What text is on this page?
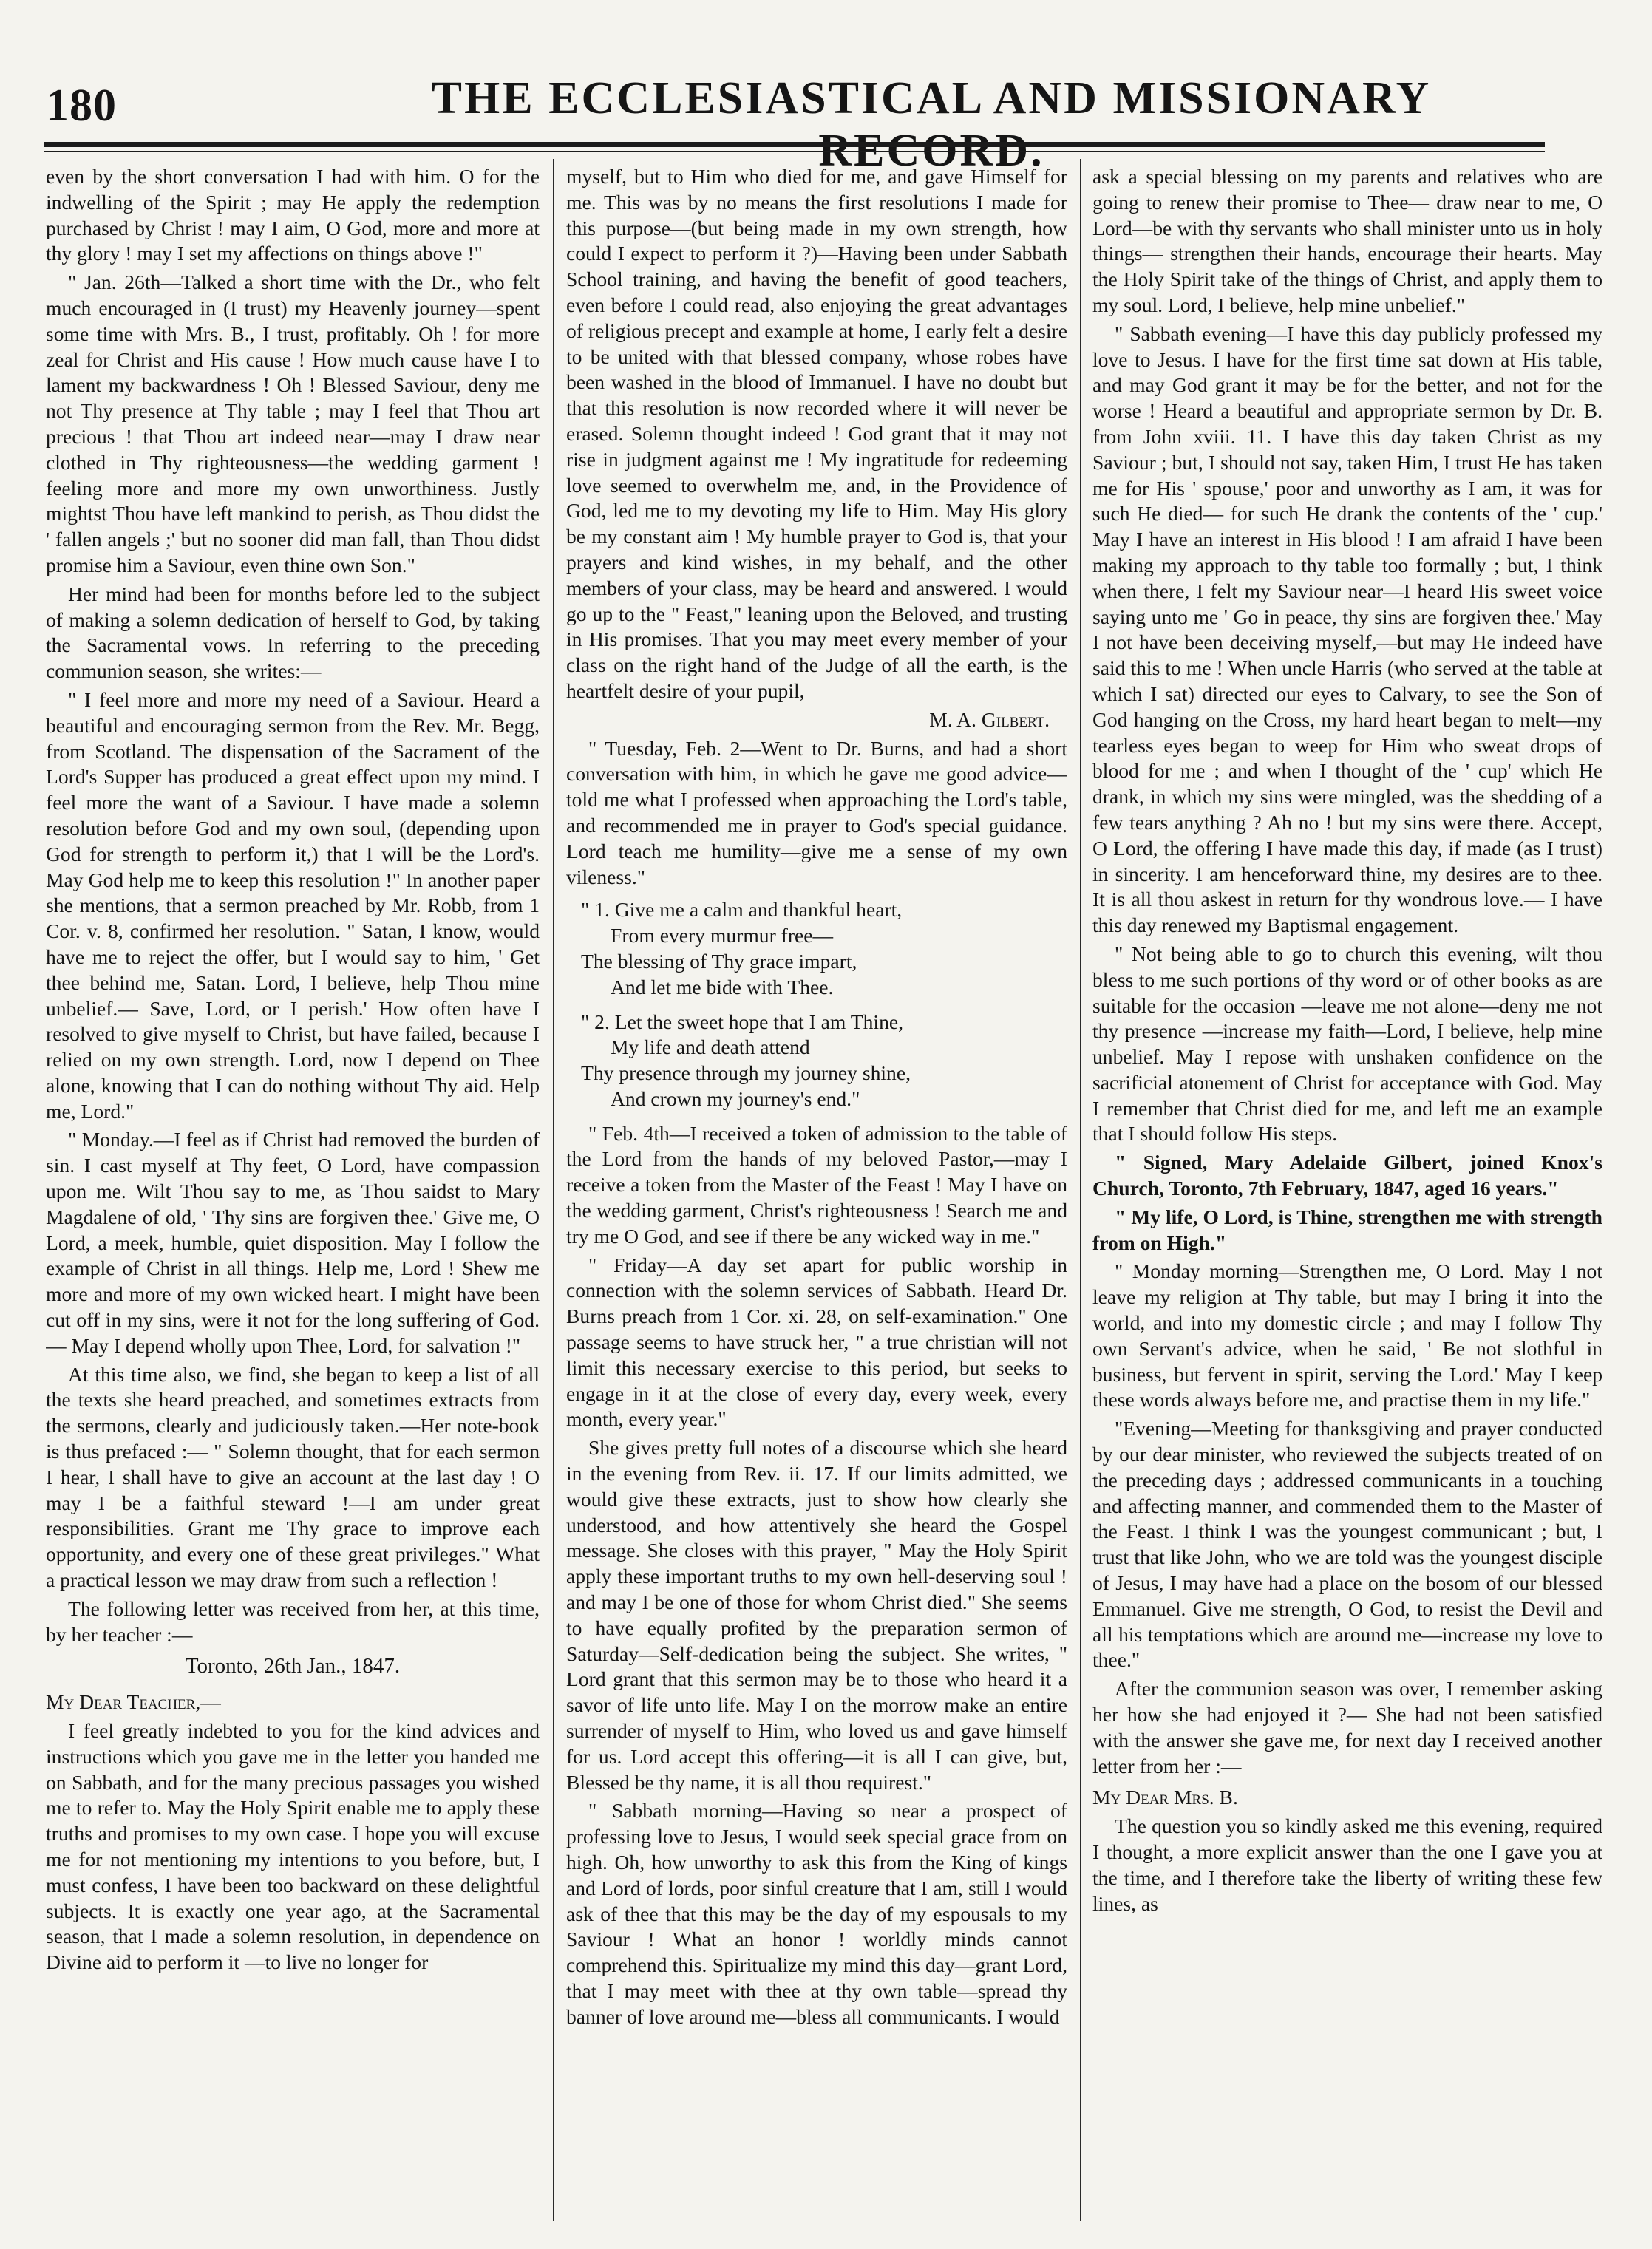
180	THE ECCLESIASTICAL AND MISSIONARY

even by the short conversation I had with him. O for the indwelling of the Spirit ; may He apply the redemption purchased by Christ ! may I aim, O God, more and more at thy glory ! may I set my affections on things above !"

" Jan. 26th—Talked a short time with the Dr., who felt much encouraged in (I trust) my Heavenly journey—spent some time with Mrs. B., I trust, profitably. Oh ! for more zeal for Christ and His cause ! How much cause have I to lament my backwardness ! Oh ! Blessed Saviour, deny me not Thy presence at Thy table ; may I feel that Thou art precious ! that Thou art indeed near—may I draw near clothed in Thy righteousness—the wedding garment ! feeling more and more my own unworthiness. Justly mightst Thou have left mankind to perish, as Thou didst the ' fallen angels ;' but no sooner did man fall, than Thou didst promise him a Saviour, even thine own Son."

Her mind had been for months before led to the subject of making a solemn dedication of herself to God, by taking the Sacramental vows. In referring to the preceding communion season, she writes:—

" I feel more and more my need of a Saviour. Heard a beautiful and encouraging sermon from the Rev. Mr. Begg, from Scotland. The dispensation of the Sacrament of the Lord's Supper has produced a great effect upon my mind. I feel more the want of a Saviour. I have made a solemn resolution before God and my own soul, (depending upon God for strength to perform it,) that I will be the Lord's. May God help me to keep this resolution !" In another paper she mentions, that a sermon preached by Mr. Robb, from 1 Cor. v. 8, confirmed her resolution. " Satan, I know, would have me to reject the offer, but I would say to him, ' Get thee behind me, Satan. Lord, I believe, help Thou mine unbelief.— Save, Lord, or I perish.' How often have I resolved to give myself to Christ, but have failed, because I relied on my own strength. Lord, now I depend on Thee alone, knowing that I can do nothing without Thy aid. Help me, Lord."

" Monday.—I feel as if Christ had removed the burden of sin. I cast myself at Thy feet, O Lord, have compassion upon me. Wilt Thou say to me, as Thou saidst to Mary Magdalene of old, ' Thy sins are forgiven thee.' Give me, O Lord, a meek, humble, quiet disposition. May I follow the example of Christ in all things. Help me, Lord ! Shew me more and more of my own wicked heart. I might have been cut off in my sins, were it not for the long suffering of God.— May I depend wholly upon Thee, Lord, for salvation !"

At this time also, we find, she began to keep a list of all the texts she heard preached, and sometimes extracts from the sermons, clearly and judiciously taken.—Her note-book is thus prefaced :— " Solemn thought, that for each sermon I hear, I shall have to give an account at the last day ! O may I be a faithful steward !—I am under great responsibilities. Grant me Thy grace to improve each opportunity, and every one of these great privileges." What a practical lesson we may draw from such a reflection !

The following letter was received from her, at this time, by her teacher :—

Toronto, 26th Jan., 1847.

My Dear Teacher,—

I feel greatly indebted to you for the kind advices and instructions which you gave me in the letter you handed me on Sabbath, and for the many precious passages you wished me to refer to. May the Holy Spirit enable me to apply these truths and promises to my own case. I hope you will excuse me for not mentioning my intentions to you before, but, I must confess, I have been too backward on these delightful subjects. It is exactly one year ago, at the Sacramental season, that I made a solemn resolution, in dependence on Divine aid to perform it —to live no longer for

myself, but to Him who died for me, and gave Himself for me. This was by no means the first resolutions I made for this purpose—(but being made in my own strength, how could I expect to perform it ?)—Having been under Sabbath School training, and having the benefit of good teachers, even before I could read, also enjoying the great advantages of religious precept and example at home, I early felt a desire to be united with that blessed company, whose robes have been washed in the blood of Immanuel. I have no doubt but that this resolution is now recorded where it will never be erased. Solemn thought indeed ! God grant that it may not rise in judgment against me ! My ingratitude for redeeming love seemed to overwhelm me, and, in the Providence of God, led me to my devoting my life to Him. May His glory be my constant aim ! My humble prayer to God is, that your prayers and kind wishes, in my behalf, and the other members of your class, may be heard and answered. I would go up to the " Feast," leaning upon the Beloved, and trusting in His promises. That you may meet every member of your class on the right hand of the Judge of all the earth, is the heartfelt desire of your pupil,

M. A. Gilbert.

" Tuesday, Feb. 2—Went to Dr. Burns, and had a short conversation with him, in which he gave me good advice—told me what I professed when approaching the Lord's table, and recommended me in prayer to God's special guidance. Lord teach me humility—give me a sense of my own vileness."

" 1. Give me a calm and thankful heart,
From every murmur free—
The blessing of Thy grace impart,
And let me bide with Thee.
" 2. Let the sweet hope that I am Thine,
My life and death attend
Thy presence through my journey shine,
And crown my journey's end."

" Feb. 4th—I received a token of admission to the table of the Lord from the hands of my beloved Pastor,—may I receive a token from the Master of the Feast ! May I have on the wedding garment, Christ's righteousness ! Search me and try me O God, and see if there be any wicked way in me."

" Friday—A day set apart for public worship in connection with the solemn services of Sabbath. Heard Dr. Burns preach from 1 Cor. xi. 28, on self-examination." One passage seems to have struck her, " a true christian will not limit this necessary exercise to this period, but seeks to engage in it at the close of every day, every week, every month, every year."

She gives pretty full notes of a discourse which she heard in the evening from Rev. ii. 17. If our limits admitted, we would give these extracts, just to show how clearly she understood, and how attentively she heard the Gospel message. She closes with this prayer, " May the Holy Spirit apply these important truths to my own hell-deserving soul ! and may I be one of those for whom Christ died." She seems to have equally profited by the preparation sermon of Saturday—Self-dedication being the subject. She writes, " Lord grant that this sermon may be to those who heard it a savor of life unto life. May I on the morrow make an entire surrender of myself to Him, who loved us and gave himself for us. Lord accept this offering—it is all I can give, but, Blessed be thy name, it is all thou requirest."

" Sabbath morning—Having so near a prospect of professing love to Jesus, I would seek special grace from on high. Oh, how unworthy to ask this from the King of kings and Lord of lords, poor sinful creature that I am, still I would ask of thee that this may be the day of my espousals to my Saviour ! What an honor ! worldly minds cannot comprehend this. Spiritualize my mind this day—grant Lord, that I may meet with thee at thy own table—spread thy banner of love around me—bless all communicants. I would

ask a special blessing on my parents and relatives who are going to renew their promise to Thee— draw near to me, O Lord—be with thy servants who shall minister unto us in holy things— strengthen their hands, encourage their hearts. May the Holy Spirit take of the things of Christ, and apply them to my soul. Lord, I believe, help mine unbelief."

" Sabbath evening—I have this day publicly professed my love to Jesus. I have for the first time sat down at His table, and may God grant it may be for the better, and not for the worse ! Heard a beautiful and appropriate sermon by Dr. B. from John xviii. 11. I have this day taken Christ as my Saviour ; but, I should not say, taken Him, I trust He has taken me for His ' spouse,' poor and unworthy as I am, it was for such He died— for such He drank the contents of the ' cup.' May I have an interest in His blood ! I am afraid I have been making my approach to thy table too formally ; but, I think when there, I felt my Saviour near—I heard His sweet voice saying unto me ' Go in peace, thy sins are forgiven thee.' May I not have been deceiving myself,—but may He indeed have said this to me ! When uncle Harris (who served at the table at which I sat) directed our eyes to Calvary, to see the Son of God hanging on the Cross, my hard heart began to melt—my tearless eyes began to weep for Him who sweat drops of blood for me ; and when I thought of the ' cup' which He drank, in which my sins were mingled, was the shedding of a few tears anything ? Ah no ! but my sins were there. Accept, O Lord, the offering I have made this day, if made (as I trust) in sincerity. I am henceforward thine, my desires are to thee. It is all thou askest in return for thy wondrous love.— I have this day renewed my Baptismal engagement.

" Not being able to go to church this evening, wilt thou bless to me such portions of thy word or of other books as are suitable for the occasion —leave me not alone—deny me not thy presence —increase my faith—Lord, I believe, help mine unbelief. May I repose with unshaken confidence on the sacrificial atonement of Christ for acceptance with God. May I remember that Christ died for me, and left me an example that I should follow His steps.

" Signed, Mary Adelaide Gilbert, joined Knox's Church, Toronto, 7th February, 1847, aged 16 years."

" My life, O Lord, is Thine, strengthen me with strength from on High."

" Monday morning—Strengthen me, O Lord. May I not leave my religion at Thy table, but may I bring it into the world, and into my domestic circle ; and may I follow Thy own Servant's advice, when he said, ' Be not slothful in business, but fervent in spirit, serving the Lord.' May I keep these words always before me, and practise them in my life."

"Evening—Meeting for thanksgiving and prayer conducted by our dear minister, who reviewed the subjects treated of on the preceding days ; addressed communicants in a touching and affecting manner, and commended them to the Master of the Feast. I think I was the youngest communicant ; but, I trust that like John, who we are told was the youngest disciple of Jesus, I may have had a place on the bosom of our blessed Emmanuel. Give me strength, O God, to resist the Devil and all his temptations which are around me—increase my love to thee."

After the communion season was over, I remember asking her how she had enjoyed it ?— She had not been satisfied with the answer she gave me, for next day I received another letter from her :—

My Dear Mrs. B.

The question you so kindly asked me this evening, required I thought, a more explicit answer than the one I gave you at the time, and I therefore take the liberty of writing these few lines, as
